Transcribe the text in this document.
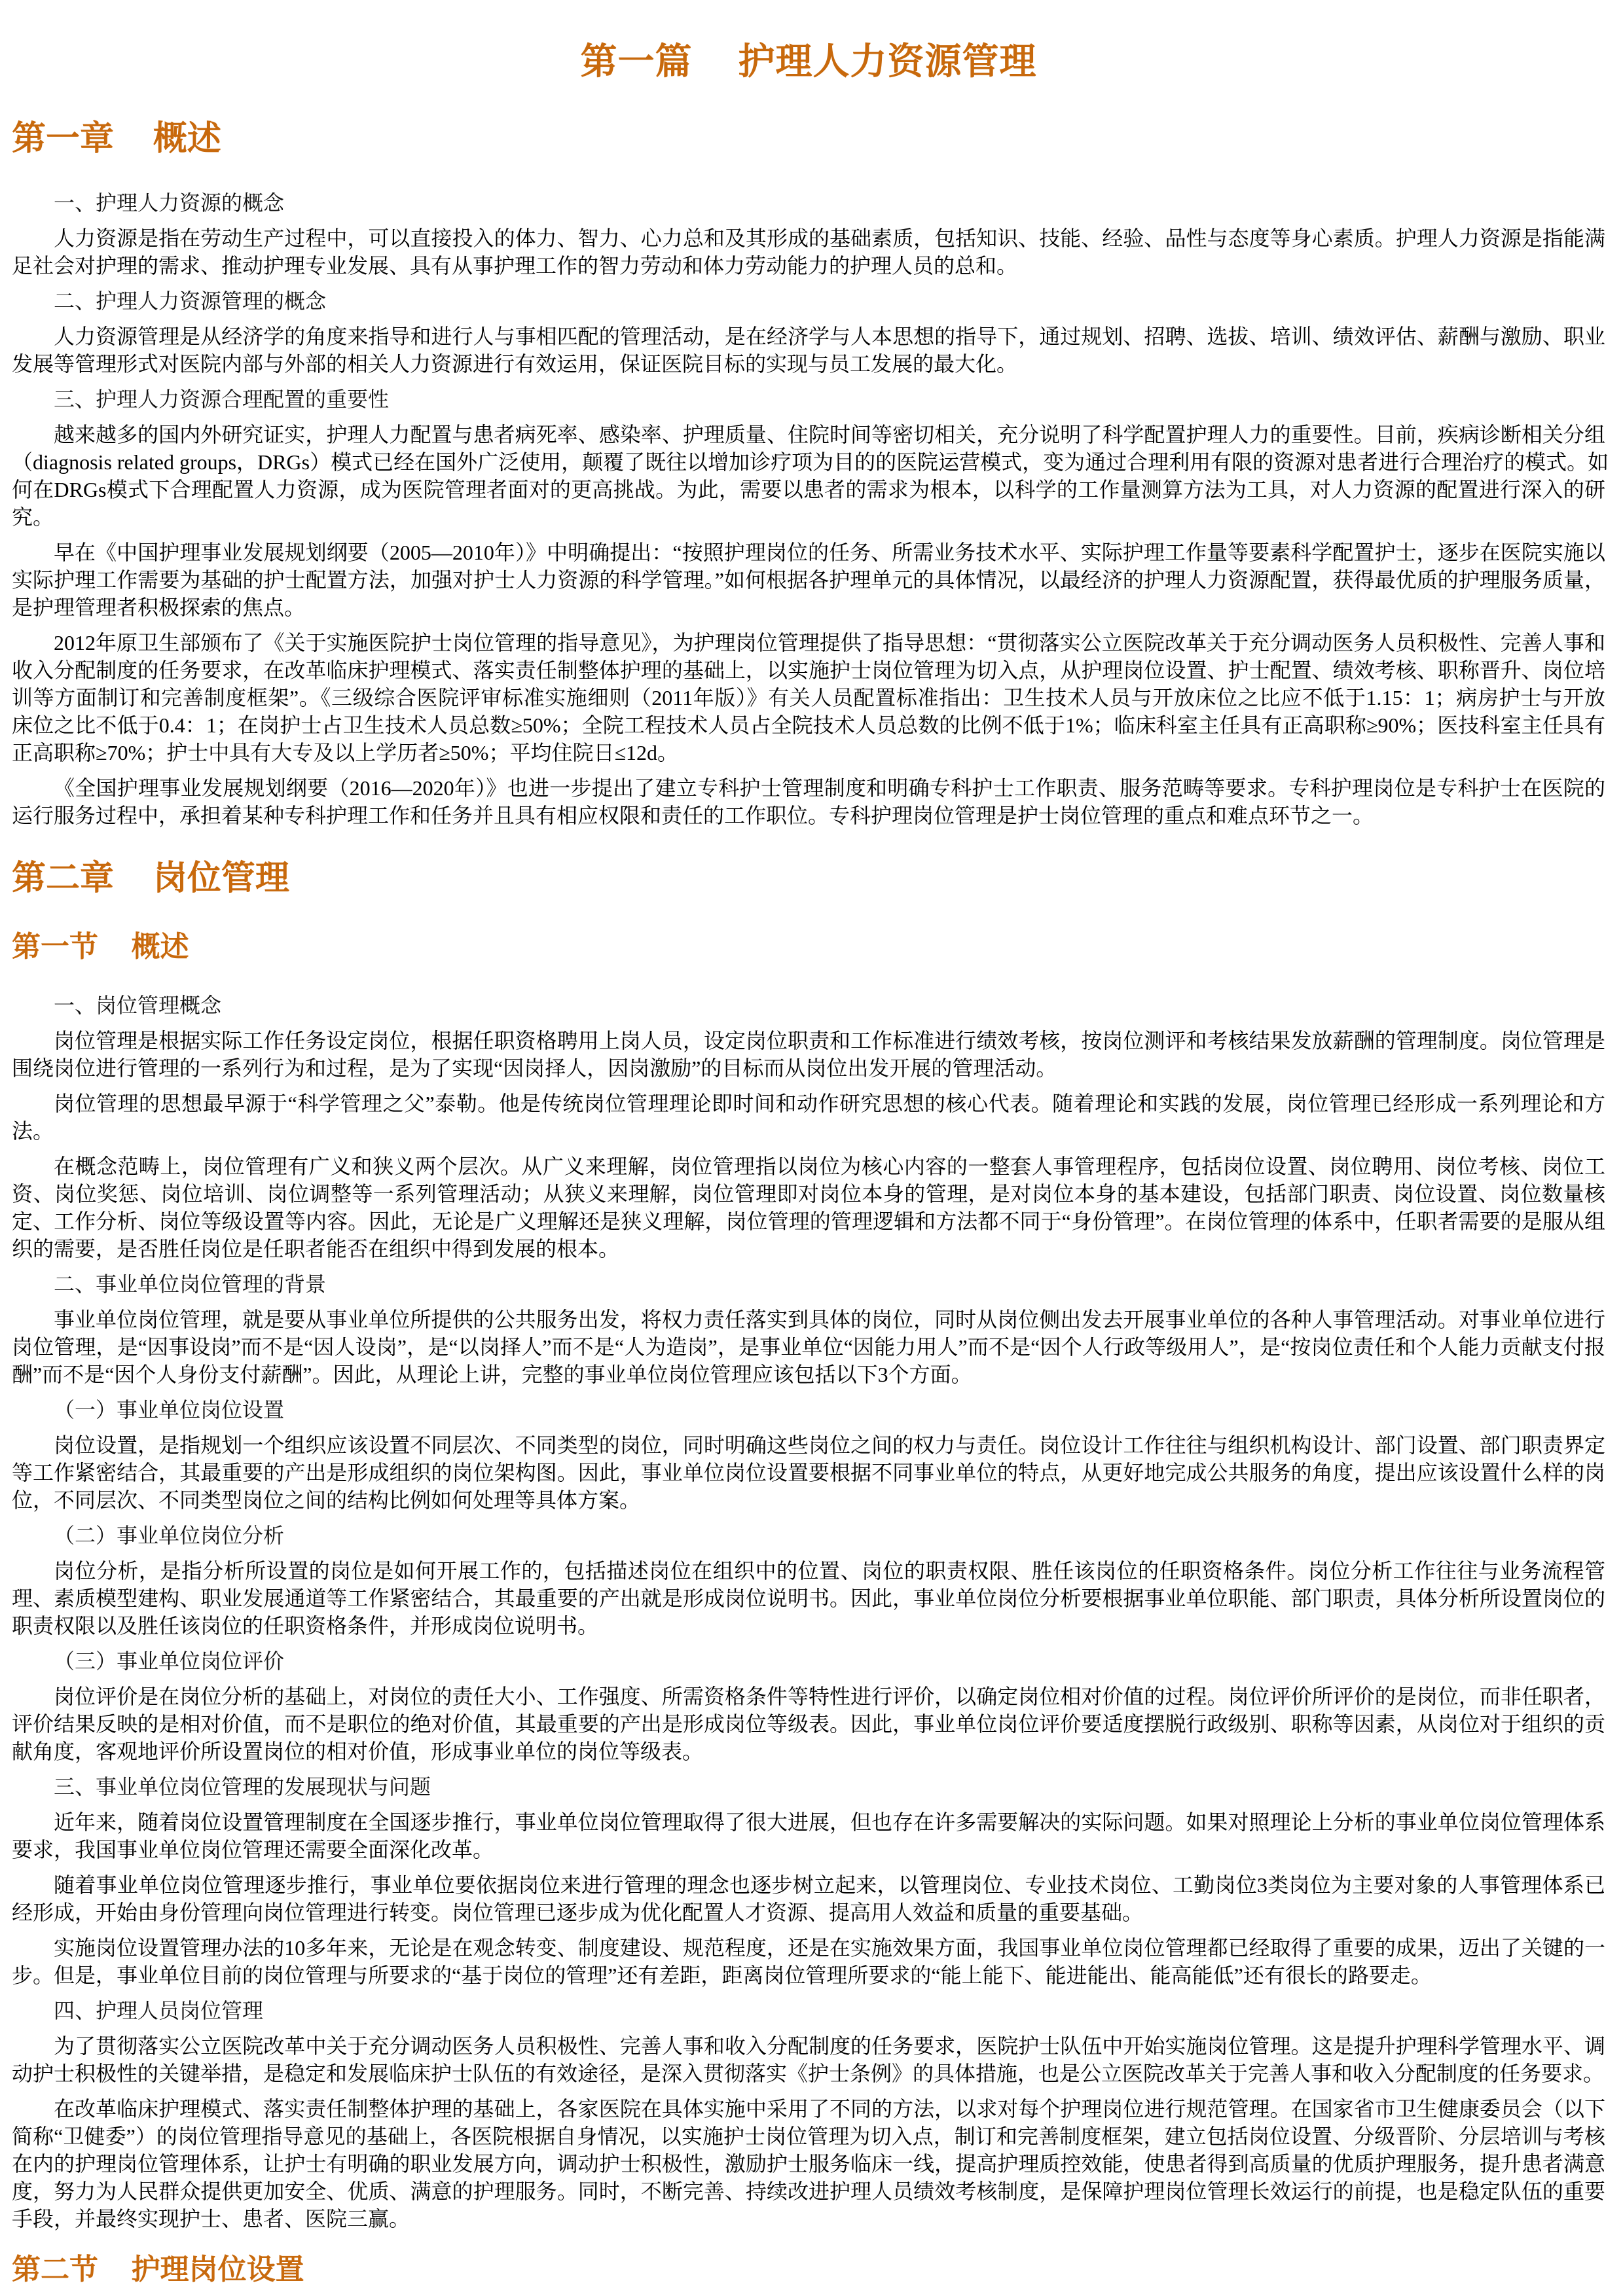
第一篇 护理人力资源管理
第一章 概述
一、护理人力资源的概念
人力资源是指在劳动生产过程中，可以直接投入的体力、智力、心力总和及其形成的基础素质，包括知识、技能、经验、品性与态度等身心素质。护理人力资源是指能满
足社会对护理的需求、推动护理专业发展、具有从事护理工作的智力劳动和体力劳动能力的护理人员的总和。
二、护理人力资源管理的概念
人力资源管理是从经济学的角度来指导和进行人与事相匹配的管理活动，是在经济学与人本思想的指导下，通过规划、招聘、选拔、培训、绩效评估、薪酬与激励、职业
发展等管理形式对医院内部与外部的相关人力资源进行有效运用，保证医院目标的实现与员工发展的最大化。
三、护理人力资源合理配置的重要性
越来越多的国内外研究证实，护理人力配置与患者病死率、感染率、护理质量、住院时间等密切相关，充分说明了科学配置护理人力的重要性。目前，疾病诊断相关分组
（diagnosis related groups，DRGs）模式已经在国外广泛使用，颠覆了既往以增加诊疗项为目的的医院运营模式，变为通过合理利用有限的资源对患者进行合理治疗的模式。如
何在DRGs模式下合理配置人力资源，成为医院管理者面对的更高挑战。为此，需要以患者的需求为根本，以科学的工作量测算方法为工具，对人力资源的配置进行深入的研
究。
早在《中国护理事业发展规划纲要（2005—2010年）》中明确提出：“按照护理岗位的任务、所需业务技术水平、实际护理工作量等要素科学配置护士，逐步在医院实施以
实际护理工作需要为基础的护士配置方法，加强对护士人力资源的科学管理。”如何根据各护理单元的具体情况，以最经济的护理人力资源配置，获得最优质的护理服务质量，
是护理管理者积极探索的焦点。
2012年原卫生部颁布了《关于实施医院护士岗位管理的指导意见》，为护理岗位管理提供了指导思想：“贯彻落实公立医院改革关于充分调动医务人员积极性、完善人事和
收入分配制度的任务要求，在改革临床护理模式、落实责任制整体护理的基础上，以实施护士岗位管理为切入点，从护理岗位设置、护士配置、绩效考核、职称晋升、岗位培
训等方面制订和完善制度框架”。《三级综合医院评审标准实施细则（2011年版）》有关人员配置标准指出：卫生技术人员与开放床位之比应不低于1.15：1；病房护士与开放
床位之比不低于0.4：1；在岗护士占卫生技术人员总数≥50%；全院工程技术人员占全院技术人员总数的比例不低于1%；临床科室主任具有正高职称≥90%；医技科室主任具有
正高职称≥70%；护士中具有大专及以上学历者≥50%；平均住院日≤12d。
《全国护理事业发展规划纲要（2016—2020年）》也进一步提出了建立专科护士管理制度和明确专科护士工作职责、服务范畴等要求。专科护理岗位是专科护士在医院的
运行服务过程中，承担着某种专科护理工作和任务并且具有相应权限和责任的工作职位。专科护理岗位管理是护士岗位管理的重点和难点环节之一。
第二章 岗位管理
第一节 概述
一、岗位管理概念
岗位管理是根据实际工作任务设定岗位，根据任职资格聘用上岗人员，设定岗位职责和工作标准进行绩效考核，按岗位测评和考核结果发放薪酬的管理制度。岗位管理是
围绕岗位进行管理的一系列行为和过程，是为了实现“因岗择人，因岗激励”的目标而从岗位出发开展的管理活动。
岗位管理的思想最早源于“科学管理之父”泰勒。他是传统岗位管理理论即时间和动作研究思想的核心代表。随着理论和实践的发展，岗位管理已经形成一系列理论和方
法。
在概念范畴上，岗位管理有广义和狭义两个层次。从广义来理解，岗位管理指以岗位为核心内容的一整套人事管理程序，包括岗位设置、岗位聘用、岗位考核、岗位工
资、岗位奖惩、岗位培训、岗位调整等一系列管理活动；从狭义来理解，岗位管理即对岗位本身的管理，是对岗位本身的基本建设，包括部门职责、岗位设置、岗位数量核
定、工作分析、岗位等级设置等内容。因此，无论是广义理解还是狭义理解，岗位管理的管理逻辑和方法都不同于“身份管理”。在岗位管理的体系中，任职者需要的是服从组
织的需要，是否胜任岗位是任职者能否在组织中得到发展的根本。
二、事业单位岗位管理的背景
事业单位岗位管理，就是要从事业单位所提供的公共服务出发，将权力责任落实到具体的岗位，同时从岗位侧出发去开展事业单位的各种人事管理活动。对事业单位进行
岗位管理，是“因事设岗”而不是“因人设岗”，是“以岗择人”而不是“人为造岗”，是事业单位“因能力用人”而不是“因个人行政等级用人”，是“按岗位责任和个人能力贡献支付报
酬”而不是“因个人身份支付薪酬”。因此，从理论上讲，完整的事业单位岗位管理应该包括以下3个方面。
（一）事业单位岗位设置
岗位设置，是指规划一个组织应该设置不同层次、不同类型的岗位，同时明确这些岗位之间的权力与责任。岗位设计工作往往与组织机构设计、部门设置、部门职责界定
等工作紧密结合，其最重要的产出是形成组织的岗位架构图。因此，事业单位岗位设置要根据不同事业单位的特点，从更好地完成公共服务的角度，提出应该设置什么样的岗
位，不同层次、不同类型岗位之间的结构比例如何处理等具体方案。
（二）事业单位岗位分析
岗位分析，是指分析所设置的岗位是如何开展工作的，包括描述岗位在组织中的位置、岗位的职责权限、胜任该岗位的任职资格条件。岗位分析工作往往与业务流程管
理、素质模型建构、职业发展通道等工作紧密结合，其最重要的产出就是形成岗位说明书。因此，事业单位岗位分析要根据事业单位职能、部门职责，具体分析所设置岗位的
职责权限以及胜任该岗位的任职资格条件，并形成岗位说明书。
（三）事业单位岗位评价
岗位评价是在岗位分析的基础上，对岗位的责任大小、工作强度、所需资格条件等特性进行评价，以确定岗位相对价值的过程。岗位评价所评价的是岗位，而非任职者，
评价结果反映的是相对价值，而不是职位的绝对价值，其最重要的产出是形成岗位等级表。因此，事业单位岗位评价要适度摆脱行政级别、职称等因素，从岗位对于组织的贡
献角度，客观地评价所设置岗位的相对价值，形成事业单位的岗位等级表。
三、事业单位岗位管理的发展现状与问题
近年来，随着岗位设置管理制度在全国逐步推行，事业单位岗位管理取得了很大进展，但也存在许多需要解决的实际问题。如果对照理论上分析的事业单位岗位管理体系
要求，我国事业单位岗位管理还需要全面深化改革。
随着事业单位岗位管理逐步推行，事业单位要依据岗位来进行管理的理念也逐步树立起来，以管理岗位、专业技术岗位、工勤岗位3类岗位为主要对象的人事管理体系已
经形成，开始由身份管理向岗位管理进行转变。岗位管理已逐步成为优化配置人才资源、提高用人效益和质量的重要基础。
实施岗位设置管理办法的10多年来，无论是在观念转变、制度建设、规范程度，还是在实施效果方面，我国事业单位岗位管理都已经取得了重要的成果，迈出了关键的一
步。但是，事业单位目前的岗位管理与所要求的“基于岗位的管理”还有差距，距离岗位管理所要求的“能上能下、能进能出、能高能低”还有很长的路要走。
四、护理人员岗位管理
为了贯彻落实公立医院改革中关于充分调动医务人员积极性、完善人事和收入分配制度的任务要求，医院护士队伍中开始实施岗位管理。这是提升护理科学管理水平、调
动护士积极性的关键举措，是稳定和发展临床护士队伍的有效途径，是深入贯彻落实《护士条例》的具体措施，也是公立医院改革关于完善人事和收入分配制度的任务要求。
在改革临床护理模式、落实责任制整体护理的基础上，各家医院在具体实施中采用了不同的方法，以求对每个护理岗位进行规范管理。在国家省市卫生健康委员会（以下
简称“卫健委”）的岗位管理指导意见的基础上，各医院根据自身情况，以实施护士岗位管理为切入点，制订和完善制度框架，建立包括岗位设置、分级晋阶、分层培训与考核
在内的护理岗位管理体系，让护士有明确的职业发展方向，调动护士积极性，激励护士服务临床一线，提高护理质控效能，使患者得到高质量的优质护理服务，提升患者满意
度，努力为人民群众提供更加安全、优质、满意的护理服务。同时，不断完善、持续改进护理人员绩效考核制度，是保障护理岗位管理长效运行的前提，也是稳定队伍的重要
手段，并最终实现护士、患者、医院三赢。
第二节 护理岗位设置
